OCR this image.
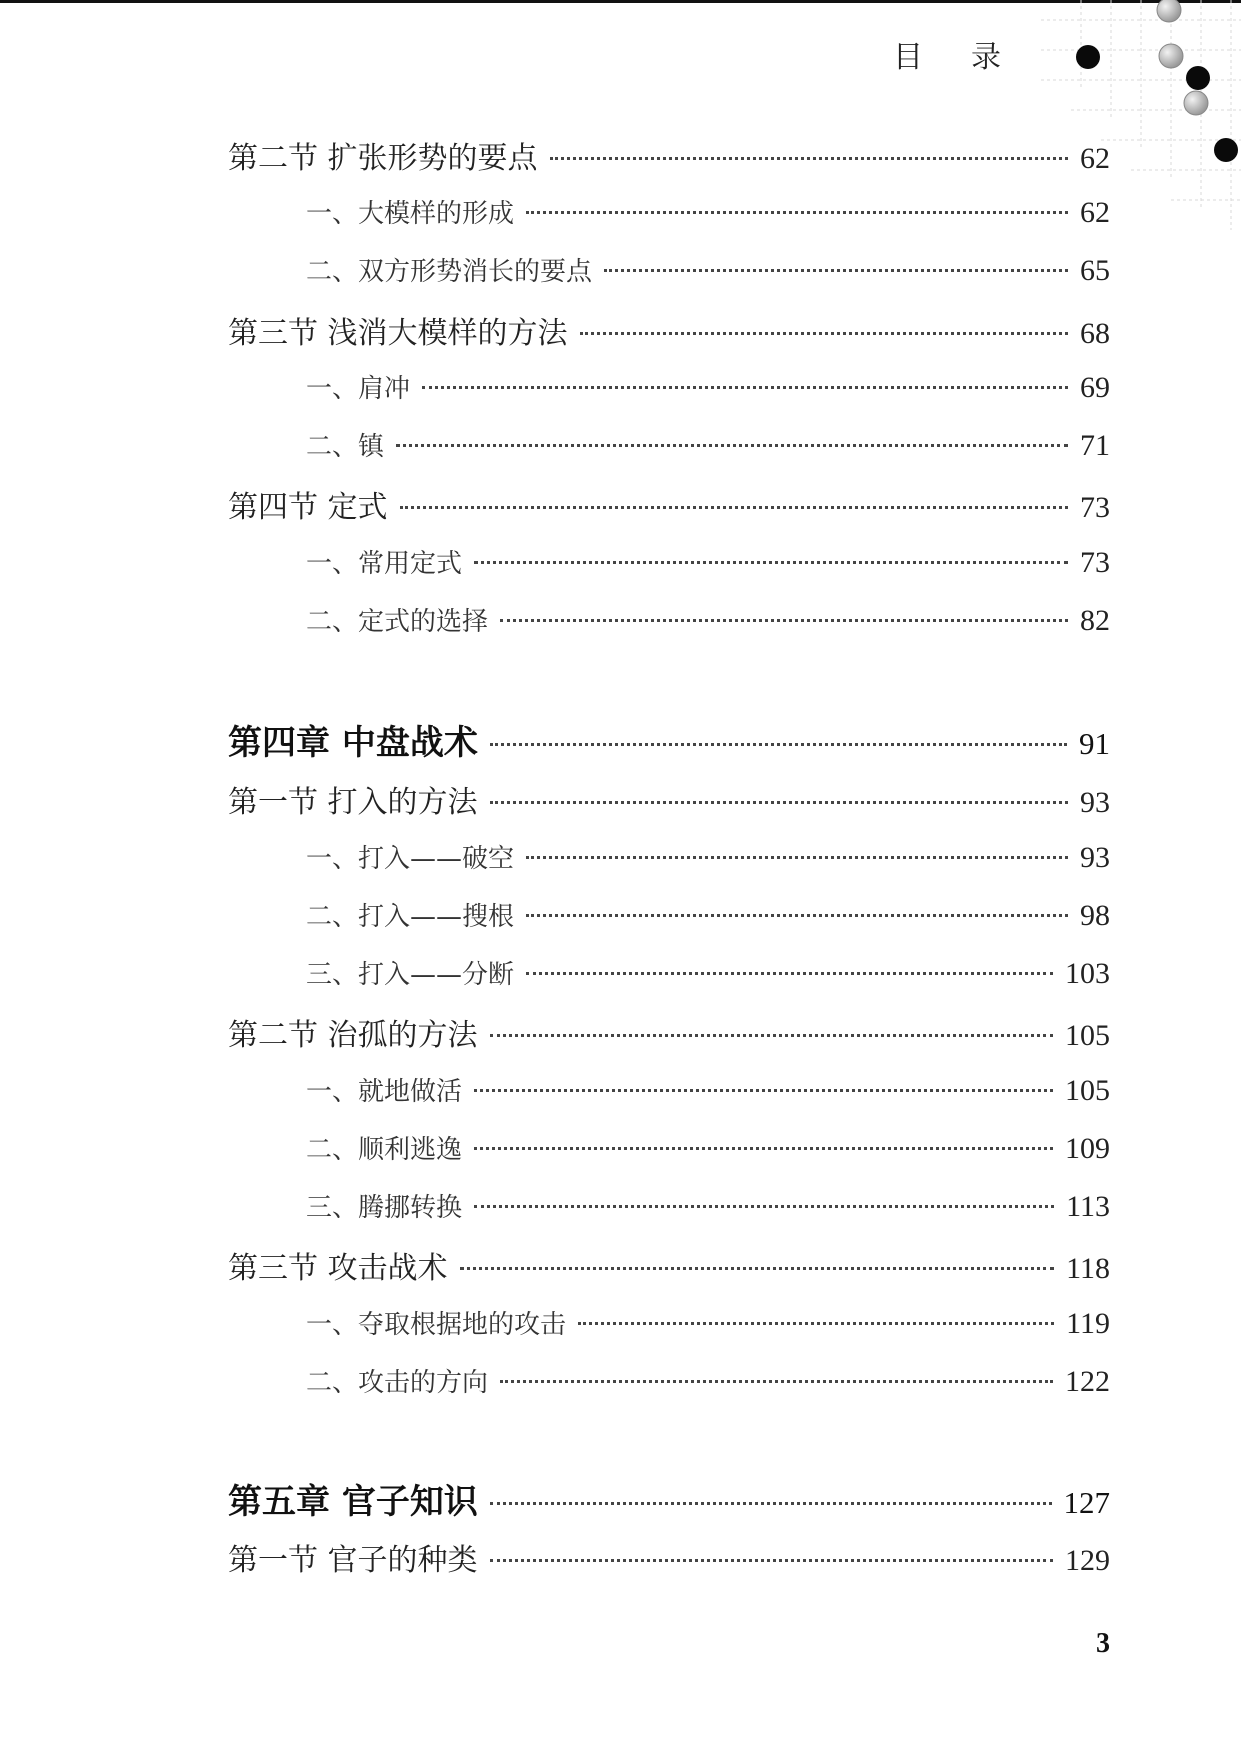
目 录
第二节 扩张形势的要点	62
一、大模样的形成	62
二、双方形势消长的要点	65
第三节 浅消大模样的方法	68
一、肩冲	69
二、镇	71
第四节 定式	73
一、常用定式	73
二、定式的选择	82
第四章 中盘战术	91
第一节 打入的方法	93
一、打入——破空	93
二、打入——搜根	98
三、打入——分断	103
第二节 治孤的方法	105
一、就地做活	105
二、顺利逃逸	109
三、腾挪转换	113
第三节 攻击战术	118
一、夺取根据地的攻击	119
二、攻击的方向	122
第五章 官子知识	127
第一节 官子的种类	129
3
